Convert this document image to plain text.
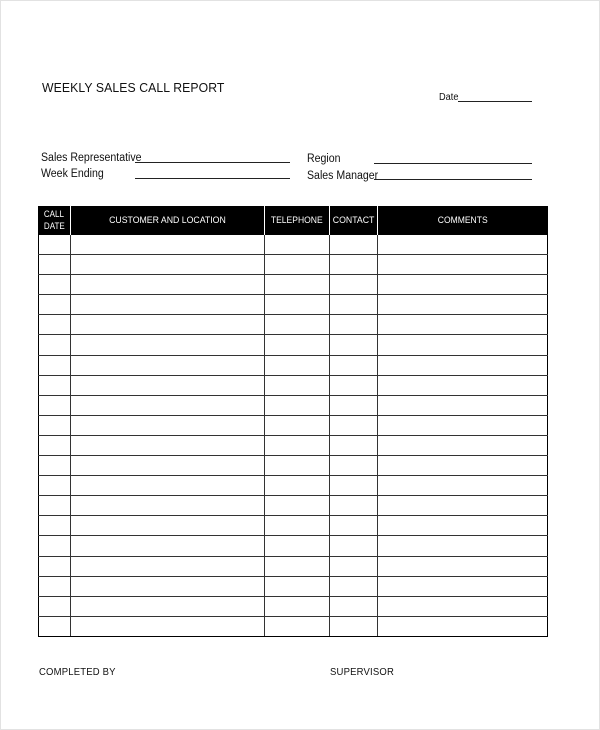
WEEKLY SALES CALL REPORT
Date
Sales Representative
Week Ending
Region
Sales Manager
CALL
DATE	CUSTOMER AND LOCATION	TELEPHONE	CONTACT	COMMENTS

COMPLETED BY	SUPERVISOR
